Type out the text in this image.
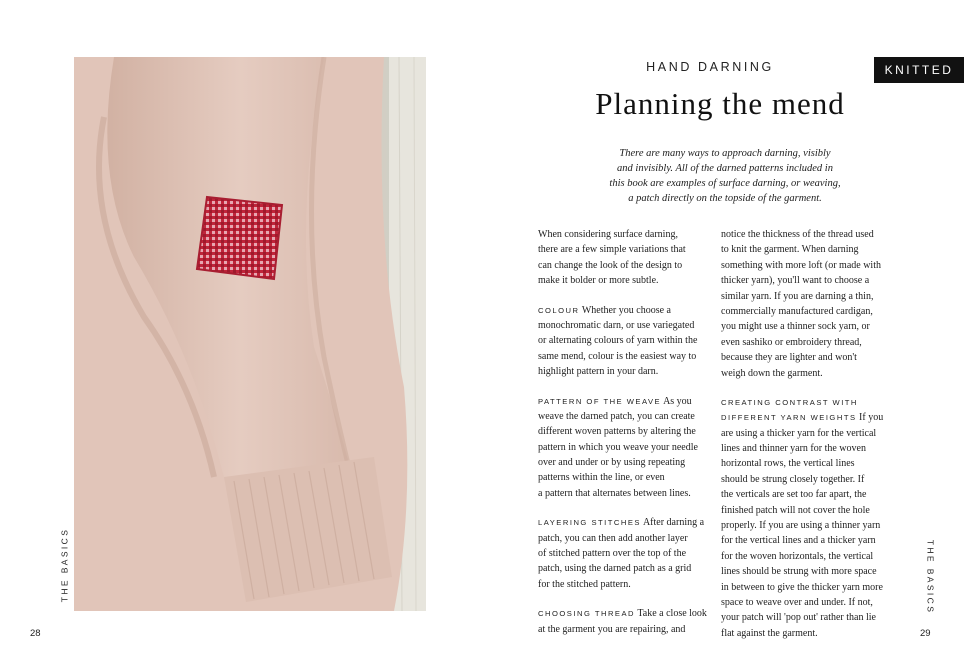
KNITTED
HAND DARNING
Planning the mend
There are many ways to approach darning, visibly
and invisibly. All of the darned patterns included in
this book are examples of surface darning, or weaving,
a patch directly on the topside of the garment.
When considering surface darning,
there are a few simple variations that
can change the look of the design to
make it bolder or more subtle.
COLOUR Whether you choose a
monochromatic darn, or use variegated
or alternating colours of yarn within the
same mend, colour is the easiest way to
highlight pattern in your darn.
PATTERN OF THE WEAVE As you
weave the darned patch, you can create
different woven patterns by altering the
pattern in which you weave your needle
over and under or by using repeating
patterns within the line, or even
a pattern that alternates between lines.
LAYERING STITCHES After darning a
patch, you can then add another layer
of stitched pattern over the top of the
patch, using the darned patch as a grid
for the stitched pattern.
CHOOSING THREAD Take a close look
at the garment you are repairing, and
notice the thickness of the thread used
to knit the garment. When darning
something with more loft (or made with
thicker yarn), you'll want to choose a
similar yarn. If you are darning a thin,
commercially manufactured cardigan,
you might use a thinner sock yarn, or
even sashiko or embroidery thread,
because they are lighter and won't
weigh down the garment.
CREATING CONTRAST WITH
DIFFERENT YARN WEIGHTS If you
are using a thicker yarn for the vertical
lines and thinner yarn for the woven
horizontal rows, the vertical lines
should be strung closely together. If
the verticals are set too far apart, the
finished patch will not cover the hole
properly. If you are using a thinner yarn
for the vertical lines and a thicker yarn
for the woven horizontals, the vertical
lines should be strung with more space
in between to give the thicker yarn more
space to weave over and under. If not,
your patch will 'pop out' rather than lie
flat against the garment.
THE BASICS	THE BASICS
28	29
